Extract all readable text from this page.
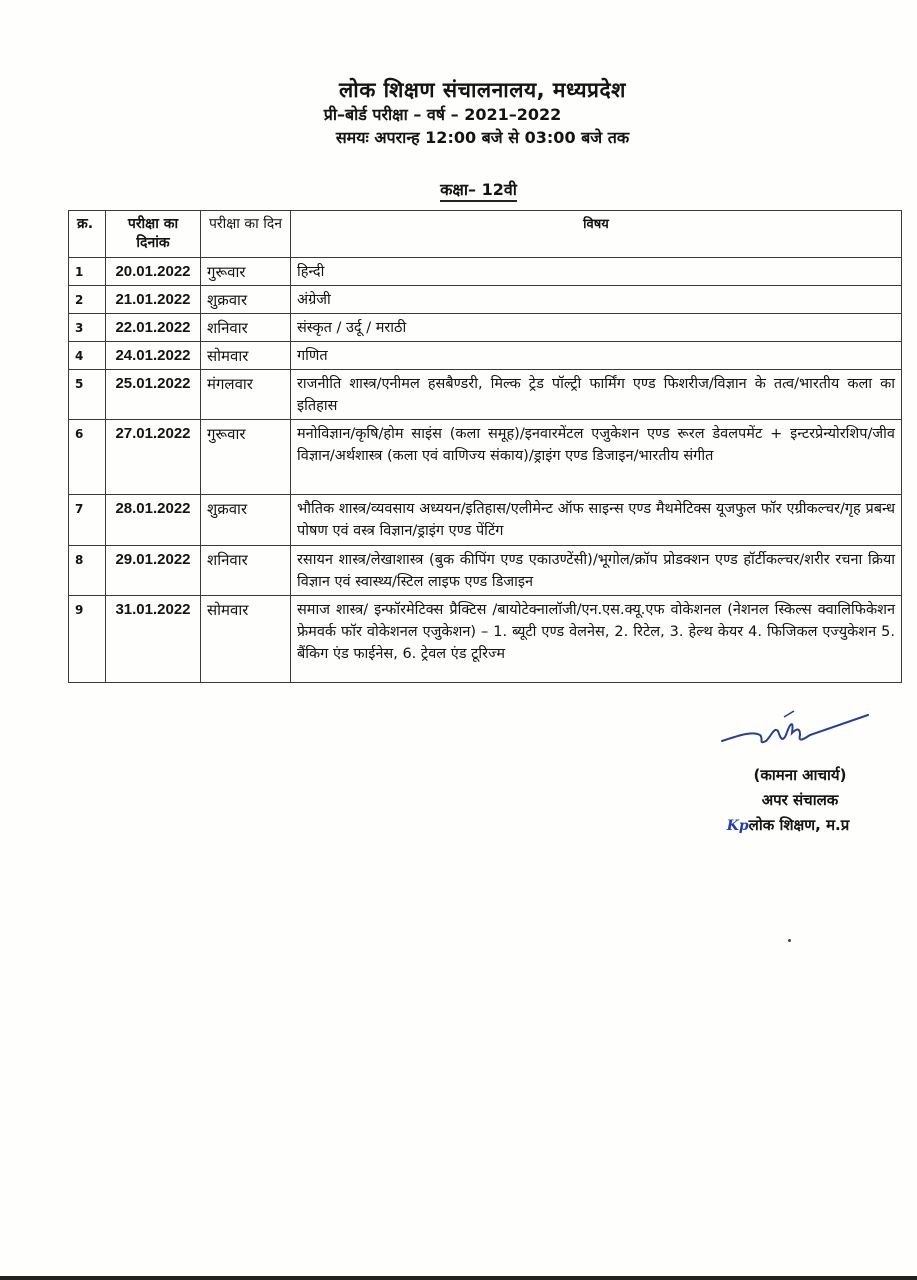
लोक शिक्षण संचालनालय, मध्यप्रदेश
प्री–बोर्ड परीक्षा – वर्ष – 2021–2022
समयः अपरान्ह 12:00 बजे से 03:00 बजे तक
कक्षा– 12वी
क्र.	परीक्षा का दिनांक	परीक्षा का दिन	विषय
1	20.01.2022	गुरूवार	हिन्दी
2	21.01.2022	शुक्रवार	अंग्रेजी
3	22.01.2022	शनिवार	संस्कृत / उर्दू / मराठी
4	24.01.2022	सोमवार	गणित
5	25.01.2022	मंगलवार	राजनीति शास्त्र/एनीमल हसबैण्डरी, मिल्क ट्रेड पॉल्ट्री फार्मिंग एण्ड फिशरीज/विज्ञान के तत्व/भारतीय कला का इतिहास
6	27.01.2022	गुरूवार	मनोविज्ञान/कृषि/होम साइंस (कला समूह)/इनवारमेंटल एजुकेशन एण्ड रूरल डेवलपमेंट + इन्टरप्रेन्योरशिप/जीव विज्ञान/अर्थशास्त्र (कला एवं वाणिज्य संकाय)/ड्राइंग एण्ड डिजाइन/भारतीय संगीत
7	28.01.2022	शुक्रवार	भौतिक शास्त्र/व्यवसाय अध्ययन/इतिहास/एलीमेन्ट ऑफ साइन्स एण्ड मैथमेटिक्स यूजफुल फॉर एग्रीकल्चर/गृह प्रबन्ध पोषण एवं वस्त्र विज्ञान/ड्राइंग एण्ड पेंटिंग
8	29.01.2022	शनिवार	रसायन शास्त्र/लेखाशास्त्र (बुक कीपिंग एण्ड एकाउण्टेंसी)/भूगोल/क्रॉप प्रोडक्शन एण्ड हॉर्टीकल्चर/शरीर रचना क्रिया विज्ञान एवं स्वास्थ्य/स्टिल लाइफ एण्ड डिजाइन
9	31.01.2022	सोमवार	समाज शास्त्र/ इन्फॉरमेटिक्स प्रैक्टिस /बायोटेक्नालॉजी/एन.एस.क्यू.एफ वोकेशनल (नेशनल स्किल्स क्वालिफिकेशन फ्रेमवर्क फॉर वोकेशनल एजुकेशन) – 1. ब्यूटी एण्ड वेलनेस, 2. रिटेल, 3. हेल्थ केयर 4. फिजिकल एज्युकेशन 5. बैंकिग एंड फाईनेस, 6. ट्रेवल एंड टूरिज्म
(कामना आचार्य)
अपर संचालक
Kpलोक शिक्षण, म.प्र
